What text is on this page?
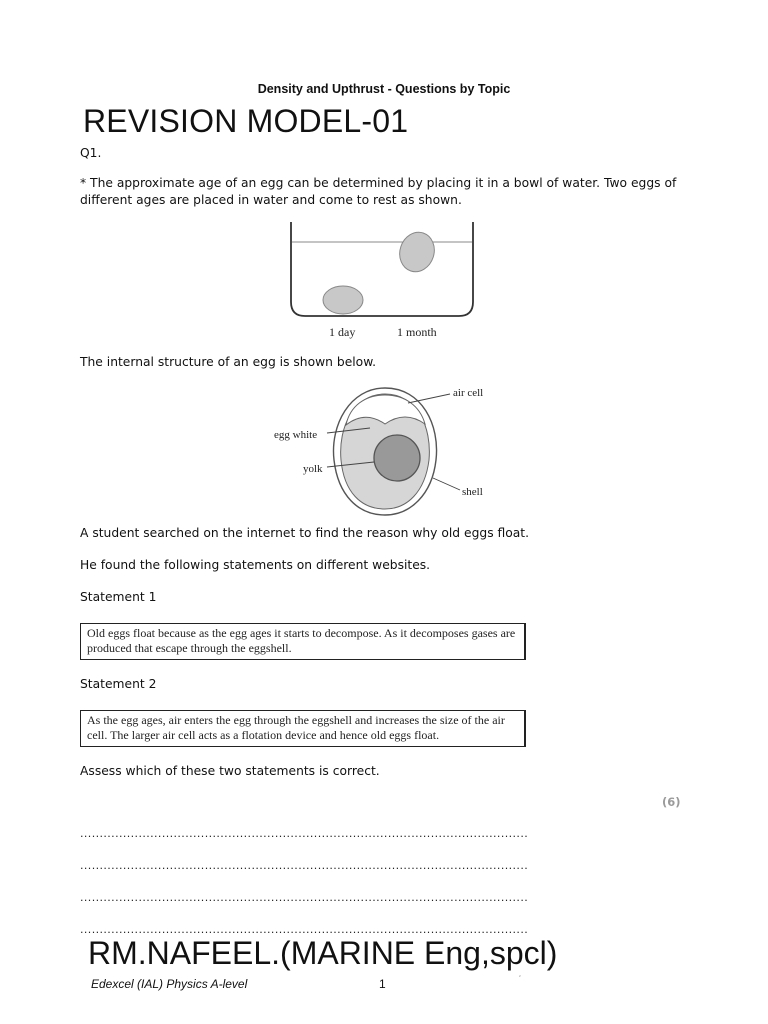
Density and Upthrust - Questions by Topic
REVISION MODEL-01
Q1.
* The approximate age of an egg can be determined by placing it in a bowl of water. Two eggs of different ages are placed in water and come to rest as shown.
1 day	1 month
The internal structure of an egg is shown below.
air cell
egg white
yolk
shell
A student searched on the internet to find the reason why old eggs float.
He found the following statements on different websites.
Statement 1
Old eggs float because as the egg ages it starts to decompose. As it decomposes gases are produced that escape through the eggshell.
Statement 2
As the egg ages, air enters the egg through the eggshell and increases the size of the air cell. The larger air cell acts as a flotation device and hence old eggs float.
Assess which of these two statements is correct.
(6)
...................................................................................................................
...................................................................................................................
...................................................................................................................
...................................................................................................................
RM.NAFEEL.(MARINE Eng,spcl)
Edexcel (IAL) Physics A-level	1	ʹ
